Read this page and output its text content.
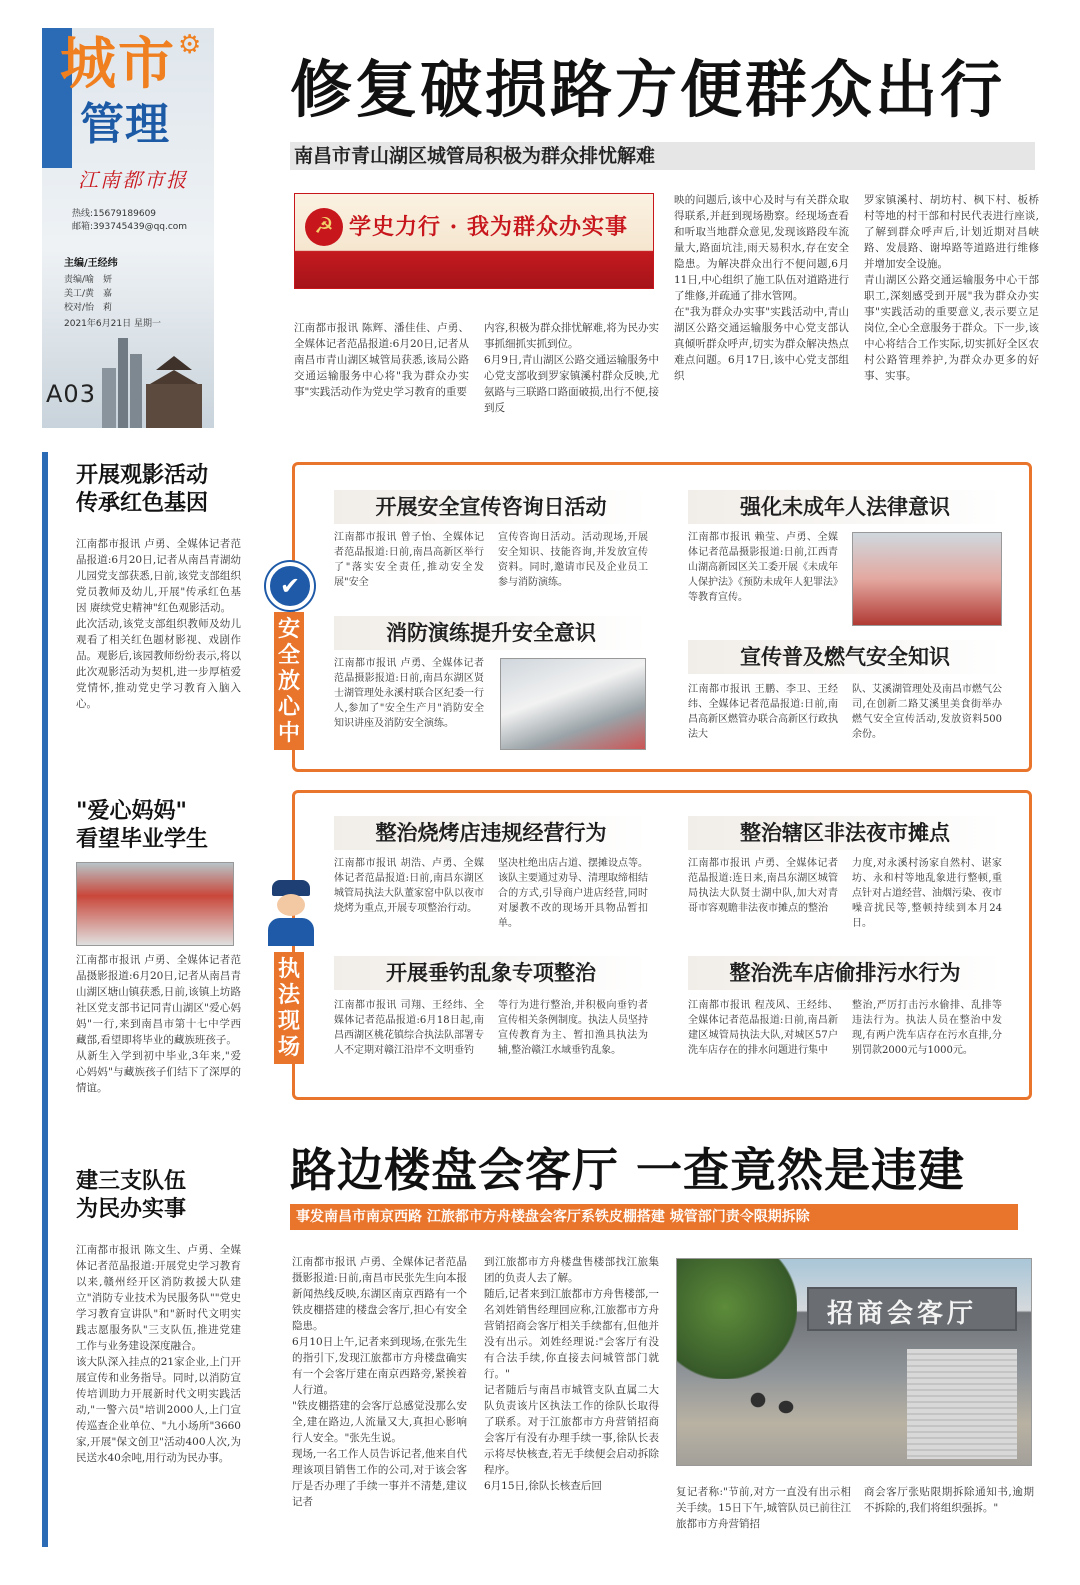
城市 ⚙
管理
江南都市报
热线:15679189609
邮箱:393745439@qq.com
主编/王经纬
责编/喻　妍
美工/黄　嘉
校对/怡　莉
2021年6月21日 星期一
A03
修复破损路方便群众出行
南昌市青山湖区城管局积极为群众排忧解难
☭ 学史力行 · 我为群众办实事
江南都市报讯 陈辉、潘佳佳、卢勇、全媒体记者范晶报道:6月20日,记者从南昌市青山湖区城管局获悉,该局公路交通运输服务中心将"我为群众办实事"实践活动作为党史学习教育的重要
内容,积极为群众排忧解难,将为民办实事抓细抓实抓到位。
6月9日,青山湖区公路交通运输服务中心党支部收到罗家镇溪村群众反映,尤氨路与三联路口路面破损,出行不便,接到反
映的问题后,该中心及时与有关群众取得联系,并赶到现场勘察。经现场查看和听取当地群众意见,发现该路段车流量大,路面坑洼,雨天易积水,存在安全隐患。为解决群众出行不便问题,6月11日,中心组织了施工队伍对道路进行了维修,并疏通了排水管网。
在"我为群众办实事"实践活动中,青山湖区公路交通运输服务中心党支部认真倾听群众呼声,切实为群众解决热点难点问题。6月17日,该中心党支部组织
罗家镇溪村、胡坊村、枫下村、板桥村等地的村干部和村民代表进行座谈,了解到群众呼声后,计划近期对昌峡路、发晨路、谢埠路等道路进行维修并增加安全设施。
青山湖区公路交通运输服务中心干部职工,深刻感受到开展"我为群众办实事"实践活动的重要意义,表示要立足岗位,全心全意服务于群众。下一步,该中心将结合工作实际,切实抓好全区农村公路管理养护,为群众办更多的好事、实事。
开展观影活动
传承红色基因
江南都市报讯 卢勇、全媒体记者范晶报道:6月20日,记者从南昌青湖幼儿园党支部获悉,日前,该党支部组织党员教师及幼儿,开展"传承红色基因 赓续党史精神"红色观影活动。
此次活动,该党支部组织教师及幼儿观看了相关红色题材影视、戏剧作品。观影后,该园教师纷纷表示,将以此次观影活动为契机,进一步厚植爱党情怀,推动党史学习教育入脑入心。
"爱心妈妈"
看望毕业学生
江南都市报讯 卢勇、全媒体记者范晶摄影报道:6月20日,记者从南昌青山湖区塘山镇获悉,日前,该镇上坊路社区党支部书记同青山湖区"爱心妈妈"一行,来到南昌市第十七中学西藏部,看望即将毕业的藏族班孩子。
从新生入学到初中毕业,3年来,"爱心妈妈"与藏族孩子们结下了深厚的情谊。
建三支队伍
为民办实事
江南都市报讯 陈文生、卢勇、全媒体记者范晶报道:开展党史学习教育以来,赣州经开区消防救援大队建立"消防专业技术为民服务队""党史学习教育宣讲队"和"新时代文明实践志愿服务队"三支队伍,推进党建工作与业务建设深度融合。
该大队深入挂点的21家企业,上门开展宣传和业务指导。同时,以消防宣传培训助力开展新时代文明实践活动,"一警六员"培训2000人,上门宣传巡查企业单位、"九小场所"3660家,开展"保文创卫"活动400人次,为民送水40余吨,用行动为民办事。
✔
安全放心中
开展安全宣传咨询日活动
江南都市报讯 曾子怡、全媒体记者范晶报道:日前,南昌高新区举行了"落实安全责任,推动安全发展"安全
宣传咨询日活动。活动现场,开展安全知识、技能咨询,并发放宣传资料。同时,邀请市民及企业员工参与消防演练。
消防演练提升安全意识
江南都市报讯 卢勇、全媒体记者范晶摄影报道:日前,南昌东湖区贤士湖管理处永溪村联合区纪委一行人,参加了"安全生产月"消防安全知识讲座及消防安全演练。
强化未成年人法律意识
江南都市报讯 赖莹、卢勇、全媒体记者范晶摄影报道:日前,江西青山湖高新园区关工委开展《未成年人保护法》《预防未成年人犯罪法》等教育宣传。
宣传普及燃气安全知识
江南都市报讯 王鹏、李卫、王经纬、全媒体记者范晶报道:日前,南昌高新区燃管办联合高新区行政执法大
队、艾溪湖管理处及南昌市燃气公司,在创新二路艾溪里美食街举办燃气安全宣传活动,发放资料500余份。
执法现场
整治烧烤店违规经营行为
江南都市报讯 胡浩、卢勇、全媒体记者范晶报道:日前,南昌东湖区城管局执法大队董家窑中队以夜市烧烤为重点,开展专项整治行动。
坚决杜绝出店占道、摆摊设点等。该队主要通过劝导、清理取缔相结合的方式,引导商户进店经营,同时对屡教不改的现场开具物品暂扣单。
开展垂钓乱象专项整治
江南都市报讯 司翔、王经纬、全媒体记者范晶报道:6月18日起,南昌西湖区桃花镇综合执法队部署专人不定期对赣江沿岸不文明垂钓
等行为进行整治,并积极向垂钓者宣传相关条例制度。执法人员坚持宣传教育为主、暂扣渔具执法为辅,整治赣江水域垂钓乱象。
整治辖区非法夜市摊点
江南都市报讯 卢勇、全媒体记者范晶报道:连日来,南昌东湖区城管局执法大队贤士湖中队,加大对青哥市容观瞻非法夜市摊点的整治
力度,对永溪村汤家自然村、谌家坊、永和村等地乱象进行整顿,重点针对占道经营、油烟污染、夜市噪音扰民等,整顿持续到本月24日。
整治洗车店偷排污水行为
江南都市报讯 程茂风、王经纬、全媒体记者范晶报道:日前,南昌新建区城管局执法大队,对城区57户洗车店存在的排水问题进行集中
整治,严厉打击污水偷排、乱排等违法行为。执法人员在整治中发现,有两户洗车店存在污水直排,分别罚款2000元与1000元。
路边楼盘会客厅 一查竟然是违建
事发南昌市南京西路 江旅都市方舟楼盘会客厅系铁皮棚搭建 城管部门责令限期拆除
江南都市报讯 卢勇、全媒体记者范晶摄影报道:日前,南昌市民张先生向本报新闻热线反映,东湖区南京西路有一个铁皮棚搭建的楼盘会客厅,担心有安全隐患。
6月10日上午,记者来到现场,在张先生的指引下,发现江旅都市方舟楼盘确实有一个会客厅建在南京西路旁,紧挨着人行道。
"铁皮棚搭建的会客厅总感觉没那么安全,建在路边,人流量又大,真担心影响行人安全。"张先生说。
现场,一名工作人员告诉记者,他来自代理该项目销售工作的公司,对于该会客厅是否办理了手续一事并不清楚,建议记者
到江旅都市方舟楼盘售楼部找江旅集团的负责人去了解。
随后,记者来到江旅都市方舟售楼部,一名刘姓销售经理回应称,江旅都市方舟营销招商会客厅相关手续都有,但他并没有出示。刘姓经理说:"会客厅有没有合法手续,你直接去问城管部门就行。"
记者随后与南昌市城管支队直属二大队负责该片区执法工作的徐队长取得了联系。对于江旅都市方舟营销招商会客厅有没有办理手续一事,徐队长表示将尽快核查,若无手续便会启动拆除程序。
6月15日,徐队长核查后回
招商会客厅
复记者称:"节前,对方一直没有出示相关手续。15日下午,城管队员已前往江旅都市方舟营销招
商会客厅张贴限期拆除通知书,逾期不拆除的,我们将组织强拆。"
